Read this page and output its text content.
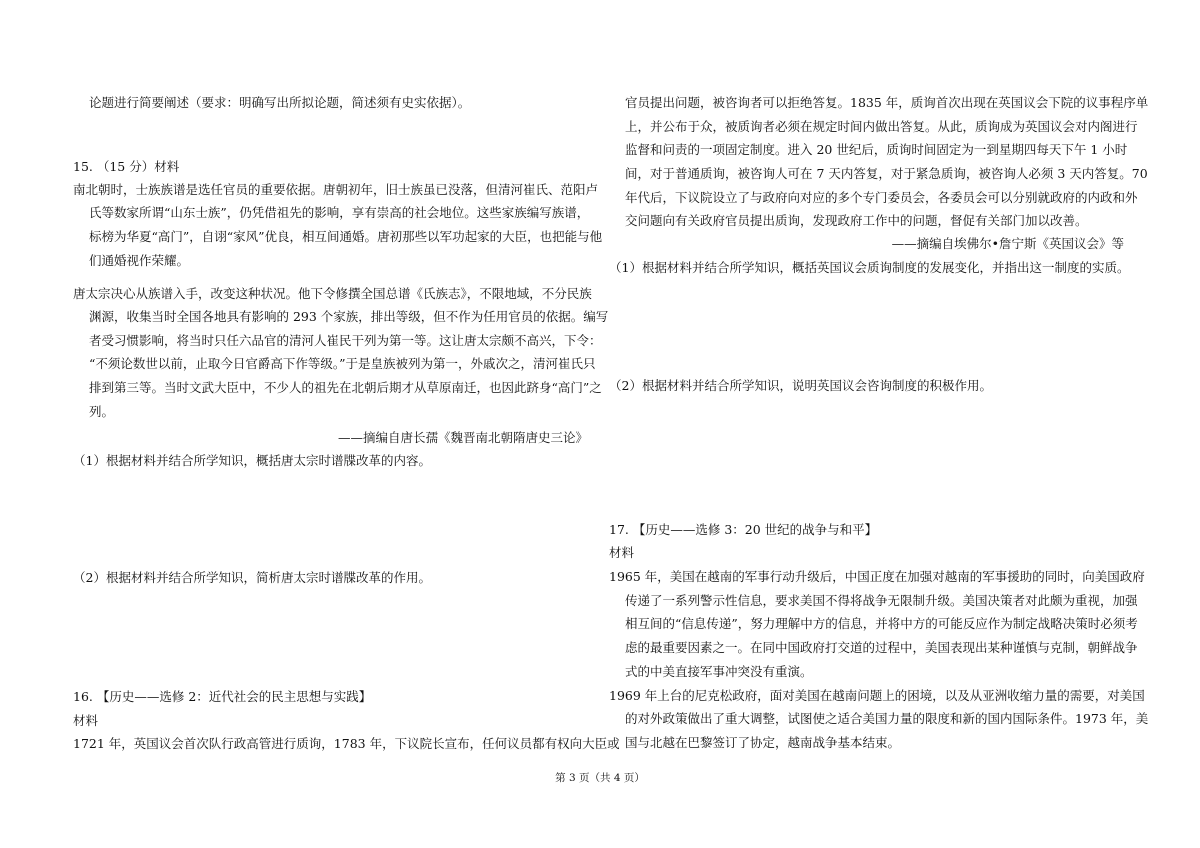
论题进行简要阐述（要求：明确写出所拟论题，简述须有史实依据）。
15. （15 分）材料
南北朝时，士族族谱是选任官员的重要依据。唐朝初年，旧士族虽已没落，但清河崔氏、范阳卢
氏等数家所谓“山东士族”，仍凭借祖先的影响，享有崇高的社会地位。这些家族编写族谱，
标榜为华夏“高门”，自诩“家风”优良，相互间通婚。唐初那些以军功起家的大臣，也把能与他
们通婚视作荣耀。
唐太宗决心从族谱入手，改变这种状况。他下令修撰全国总谱《氏族志》，不限地域，不分民族
渊源，收集当时全国各地具有影响的 293 个家族，排出等级，但不作为任用官员的依据。编写
者受习惯影响，将当时只任六品官的清河人崔民干列为第一等。这让唐太宗颇不高兴，下令：
“不须论数世以前，止取今日官爵高下作等级。”于是皇族被列为第一，外戚次之，清河崔氏只
排到第三等。当时文武大臣中，不少人的祖先在北朝后期才从草原南迁，也因此跻身“高门”之
列。
——摘编自唐长孺《魏晋南北朝隋唐史三论》
（1）根据材料并结合所学知识，概括唐太宗时谱牒改革的内容。
（2）根据材料并结合所学知识，简析唐太宗时谱牒改革的作用。
16. 【历史——选修 2：近代社会的民主思想与实践】
材料
1721 年，英国议会首次队行政高管进行质询，1783 年，下议院长宣布，任何议员都有权向大臣或
官员提出问题，被咨询者可以拒绝答复。1835 年，质询首次出现在英国议会下院的议事程序单
上，并公布于众，被质询者必须在规定时间内做出答复。从此，质询成为英国议会对内阁进行
监督和问责的一项固定制度。进入 20 世纪后，质询时间固定为一到星期四每天下午 1 小时
间，对于普通质询，被咨询人可在 7 天内答复，对于紧急质询，被咨询人必须 3 天内答复。70
年代后，下议院设立了与政府向对应的多个专门委员会，各委员会可以分别就政府的内政和外
交问题向有关政府官员提出质询，发现政府工作中的问题，督促有关部门加以改善。
——摘编自埃佛尔•詹宁斯《英国议会》等
（1）根据材料并结合所学知识，概括英国议会质询制度的发展变化，并指出这一制度的实质。
（2）根据材料并结合所学知识，说明英国议会咨询制度的积极作用。
17. 【历史——选修 3：20 世纪的战争与和平】
材料
1965 年，美国在越南的军事行动升级后，中国正度在加强对越南的军事援助的同时，向美国政府
传递了一系列警示性信息，要求美国不得将战争无限制升级。美国决策者对此颇为重视，加强
相互间的“信息传递”，努力理解中方的信息，并将中方的可能反应作为制定战略决策时必须考
虑的最重要因素之一。在同中国政府打交道的过程中，美国表现出某种谨慎与克制，朝鲜战争
式的中美直接军事冲突没有重演。
1969 年上台的尼克松政府，面对美国在越南问题上的困境，以及从亚洲收缩力量的需要，对美国
的对外政策做出了重大调整，试图使之适合美国力量的限度和新的国内国际条件。1973 年，美
国与北越在巴黎签订了协定，越南战争基本结束。
第 3 页（共 4 页）
